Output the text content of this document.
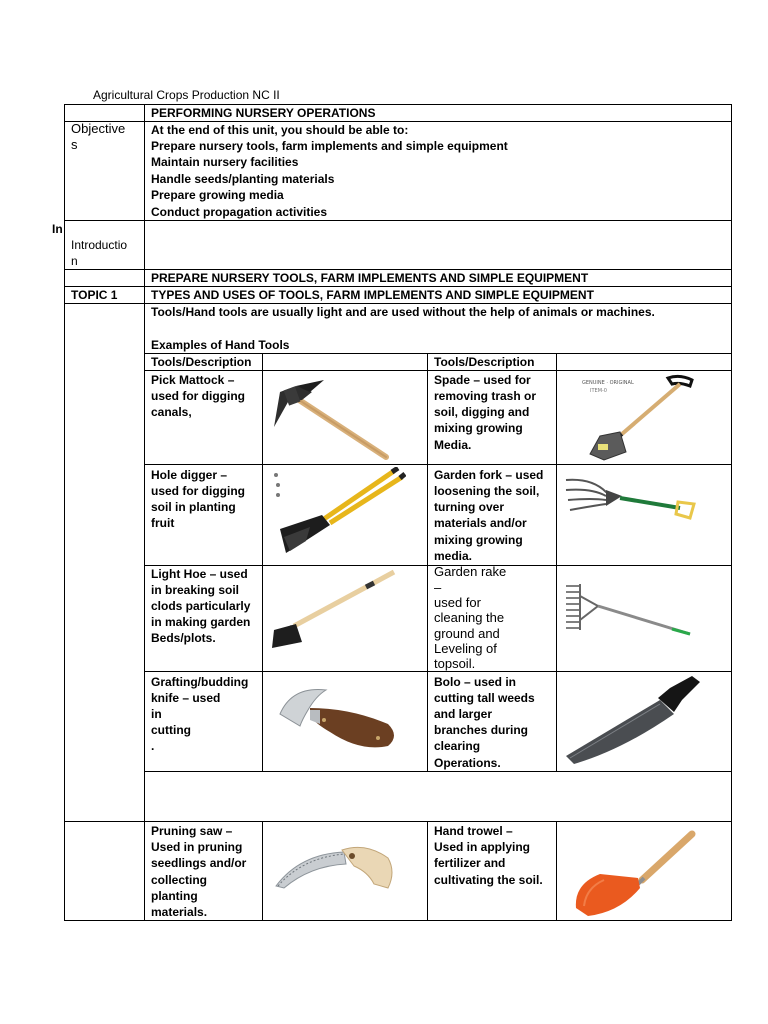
Agricultural Crops Production NC II
PERFORMING NURSERY OPERATIONS
Objective
s
At the end of this unit, you should be able to:
Prepare nursery tools, farm implements and simple equipment
Maintain nursery facilities
Handle seeds/planting materials
Prepare growing media
Conduct propagation activities
In
Introductio
n
PREPARE NURSERY TOOLS, FARM IMPLEMENTS AND SIMPLE EQUIPMENT
TOPIC 1	TYPES AND USES OF TOOLS, FARM IMPLEMENTS AND SIMPLE EQUIPMENT
Tools/Hand tools are usually light and are used without the help of animals or machines.
Examples of Hand Tools
Tools/Description	Tools/Description
Pick Mattock –
used for digging
canals,
Spade – used for
removing trash or
soil, digging and
mixing growing
Media.
Hole digger –
used for digging
soil in planting
fruit
Garden fork – used
loosening the soil,
turning over
materials and/or
mixing growing
media.
Light Hoe – used
in breaking soil
clods particularly
in making garden
Beds/plots.
Garden rake
–
used for
cleaning the
ground and
Leveling of
topsoil.
Grafting/budding
knife – used
in
cutting
.
Bolo – used in
cutting tall weeds
and larger
branches during
clearing
Operations.
Pruning saw –
Used in pruning
seedlings and/or
collecting
planting
materials.
Hand trowel –
Used in applying
fertilizer and
cultivating the soil.
GENUINE · ORIGINAL
ITEM-0
